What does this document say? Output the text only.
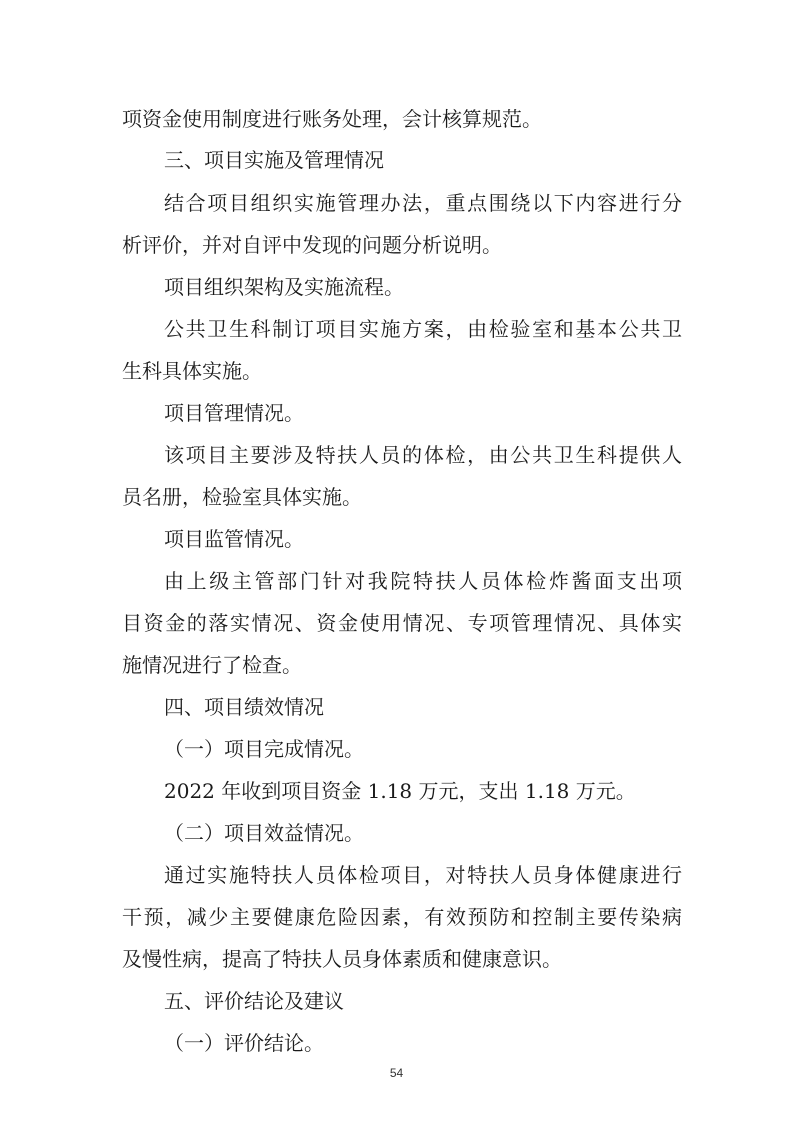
项资金使用制度进行账务处理，会计核算规范。

三、项目实施及管理情况

结合项目组织实施管理办法，重点围绕以下内容进行分

析评价，并对自评中发现的问题分析说明。

项目组织架构及实施流程。

公共卫生科制订项目实施方案，由检验室和基本公共卫

生科具体实施。

项目管理情况。

该项目主要涉及特扶人员的体检，由公共卫生科提供人

员名册，检验室具体实施。

项目监管情况。

由上级主管部门针对我院特扶人员体检炸酱面支出项

目资金的落实情况、资金使用情况、专项管理情况、具体实

施情况进行了检查。

四、项目绩效情况

（一）项目完成情况。

2022 年收到项目资金 1.18 万元，支出 1.18 万元。

（二）项目效益情况。

通过实施特扶人员体检项目，对特扶人员身体健康进行

干预，减少主要健康危险因素，有效预防和控制主要传染病

及慢性病，提高了特扶人员身体素质和健康意识。

五、评价结论及建议

（一）评价结论。

54
